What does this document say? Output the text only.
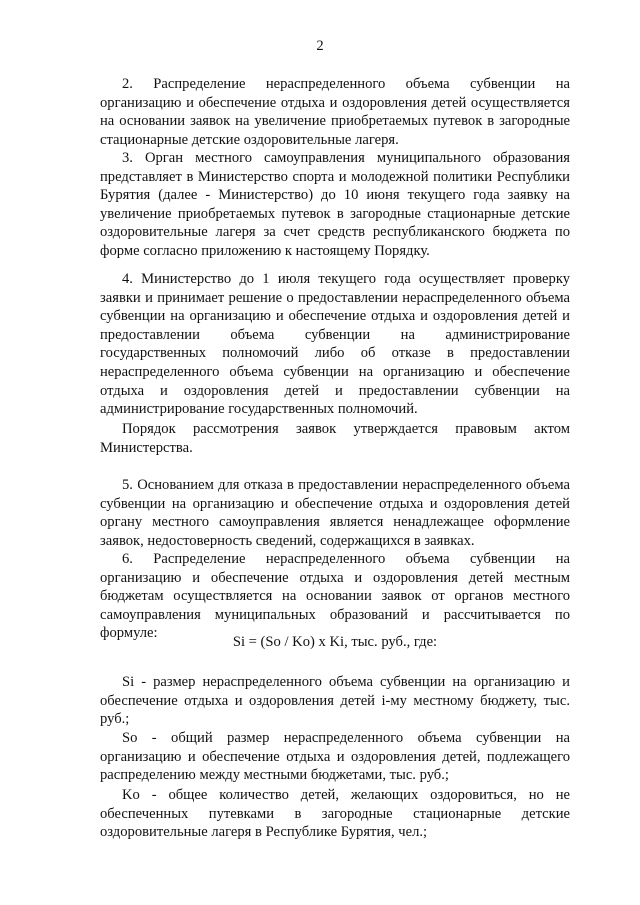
2

2. Распределение нераспределенного объема субвенции на организацию и обеспечение отдыха и оздоровления детей осуществляется на основании заявок на увеличение приобретаемых путевок в загородные стационарные детские оздоровительные лагеря.

3. Орган местного самоуправления муниципального образования представляет в Министерство спорта и молодежной политики Республики Бурятия (далее - Министерство) до 10 июня текущего года заявку на увеличение приобретаемых путевок в загородные стационарные детские оздоровительные лагеря за счет средств республиканского бюджета по форме согласно приложению к настоящему Порядку.

4. Министерство до 1 июля текущего года осуществляет проверку заявки и принимает решение о предоставлении нераспределенного объема субвенции на организацию и обеспечение отдыха и оздоровления детей и предоставлении объема субвенции на администрирование государственных полномочий либо об отказе в предоставлении нераспределенного объема субвенции на организацию и обеспечение отдыха и оздоровления детей и предоставлении субвенции на администрирование государственных полномочий.

Порядок рассмотрения заявок утверждается правовым актом Министерства.

5. Основанием для отказа в предоставлении нераспределенного объема субвенции на организацию и обеспечение отдыха и оздоровления детей органу местного самоуправления является ненадлежащее оформление заявок, недостоверность сведений, содержащихся в заявках.

6. Распределение нераспределенного объема субвенции на организацию и обеспечение отдыха и оздоровления детей местным бюджетам осуществляется на основании заявок от органов местного самоуправления муниципальных образований и рассчитывается по формуле:

Si = (So / Ko) x Ki, тыс. руб., где:

Si - размер нераспределенного объема субвенции на организацию и обеспечение отдыха и оздоровления детей i-му местному бюджету, тыс. руб.;

So - общий размер нераспределенного объема субвенции на организацию и обеспечение отдыха и оздоровления детей, подлежащего распределению между местными бюджетами, тыс. руб.;

Ko - общее количество детей, желающих оздоровиться, но не обеспеченных путевками в загородные стационарные детские оздоровительные лагеря в Республике Бурятия, чел.;
